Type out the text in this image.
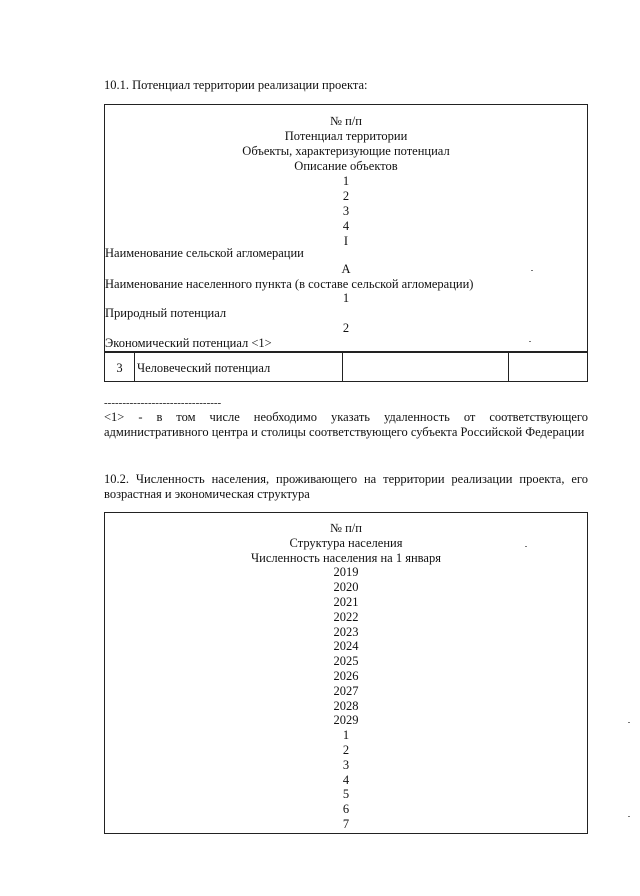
10.1. Потенциал территории реализации проекта:
№ п/п
Потенциал территории
Объекты, характеризующие потенциал
Описание объектов
1
2
3
4
I
Наименование сельской агломерации
А
Наименование населенного пункта (в составе сельской агломерации)
1
Природный потенциал
2
Экономический потенциал <1>
3	Человеческий потенциал
--------------------------------
<1> - в том числе необходимо указать удаленность от соответствующего административного центра и столицы соответствующего субъекта Российской Федерации
10.2. Численность населения, проживающего на территории реализации проекта, его возрастная и экономическая структура
№ п/п
Структура населения
Численность населения на 1 января
2019
2020
2021
2022
2023
2024
2025
2026
2027
2028
2029
1
2
3
4
5
6
7
